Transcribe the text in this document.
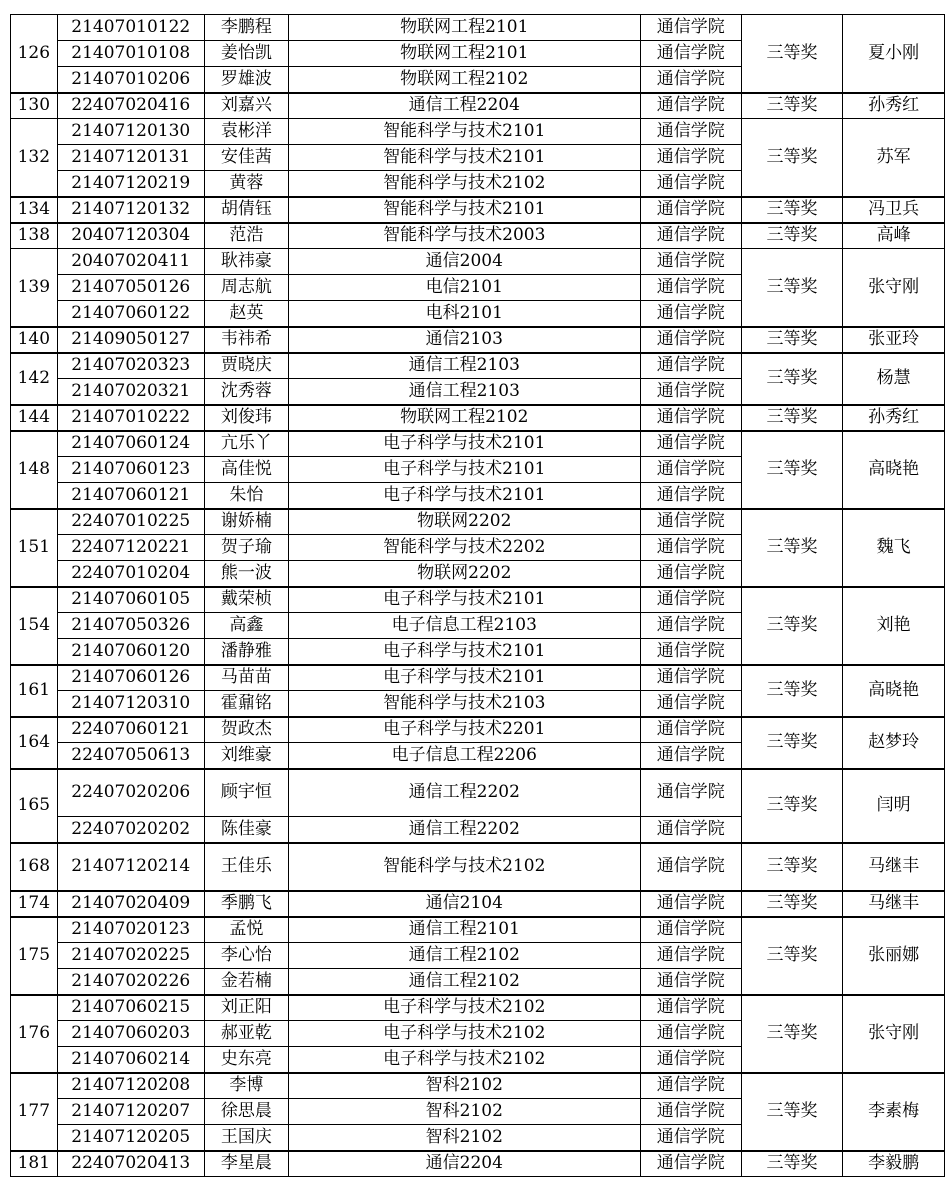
126	21407010122	李鹏程	物联网工程2101	通信学院	三等奖	夏小刚
	21407010108	姜怡凯	物联网工程2101	通信学院		
	21407010206	罗雄波	物联网工程2102	通信学院		
130	22407020416	刘嘉兴	通信工程2204	通信学院	三等奖	孙秀红
132	21407120130	袁彬洋	智能科学与技术2101	通信学院	三等奖	苏军
	21407120131	安佳茜	智能科学与技术2101	通信学院		
	21407120219	黄蓉	智能科学与技术2102	通信学院		
134	21407120132	胡倩钰	智能科学与技术2101	通信学院	三等奖	冯卫兵
138	20407120304	范浩	智能科学与技术2003	通信学院	三等奖	高峰
139	20407020411	耿祎豪	通信2004	通信学院	三等奖	张守刚
	21407050126	周志航	电信2101	通信学院		
	21407060122	赵英	电科2101	通信学院		
140	21409050127	韦祎希	通信2103	通信学院	三等奖	张亚玲
142	21407020323	贾晓庆	通信工程2103	通信学院	三等奖	杨慧
	21407020321	沈秀蓉	通信工程2103	通信学院		
144	21407010222	刘俊玮	物联网工程2102	通信学院	三等奖	孙秀红
148	21407060124	亢乐丫	电子科学与技术2101	通信学院	三等奖	高晓艳
	21407060123	高佳悦	电子科学与技术2101	通信学院		
	21407060121	朱怡	电子科学与技术2101	通信学院		
151	22407010225	谢娇楠	物联网2202	通信学院	三等奖	魏飞
	22407120221	贺子瑜	智能科学与技术2202	通信学院		
	22407010204	熊一波	物联网2202	通信学院		
154	21407060105	戴荣桢	电子科学与技术2101	通信学院	三等奖	刘艳
	21407050326	高鑫	电子信息工程2103	通信学院		
	21407060120	潘静雅	电子科学与技术2101	通信学院		
161	21407060126	马苗苗	电子科学与技术2101	通信学院	三等奖	高晓艳
	21407120310	霍鼐铭	智能科学与技术2103	通信学院		
164	22407060121	贺政杰	电子科学与技术2201	通信学院	三等奖	赵梦玲
	22407050613	刘维豪	电子信息工程2206	通信学院		
165	22407020206	顾宇恒	通信工程2202	通信学院	三等奖	闫明
	22407020202	陈佳豪	通信工程2202	通信学院		
168	21407120214	王佳乐	智能科学与技术2102	通信学院	三等奖	马继丰
174	21407020409	季鹏飞	通信2104	通信学院	三等奖	马继丰
175	21407020123	孟悦	通信工程2101	通信学院	三等奖	张丽娜
	21407020225	李心怡	通信工程2102	通信学院		
	21407020226	金若楠	通信工程2102	通信学院		
176	21407060215	刘正阳	电子科学与技术2102	通信学院	三等奖	张守刚
	21407060203	郝亚乾	电子科学与技术2102	通信学院		
	21407060214	史东亮	电子科学与技术2102	通信学院		
177	21407120208	李博	智科2102	通信学院	三等奖	李素梅
	21407120207	徐思晨	智科2102	通信学院		
	21407120205	王国庆	智科2102	通信学院		
181	22407020413	李星晨	通信2204	通信学院	三等奖	李毅鹏
